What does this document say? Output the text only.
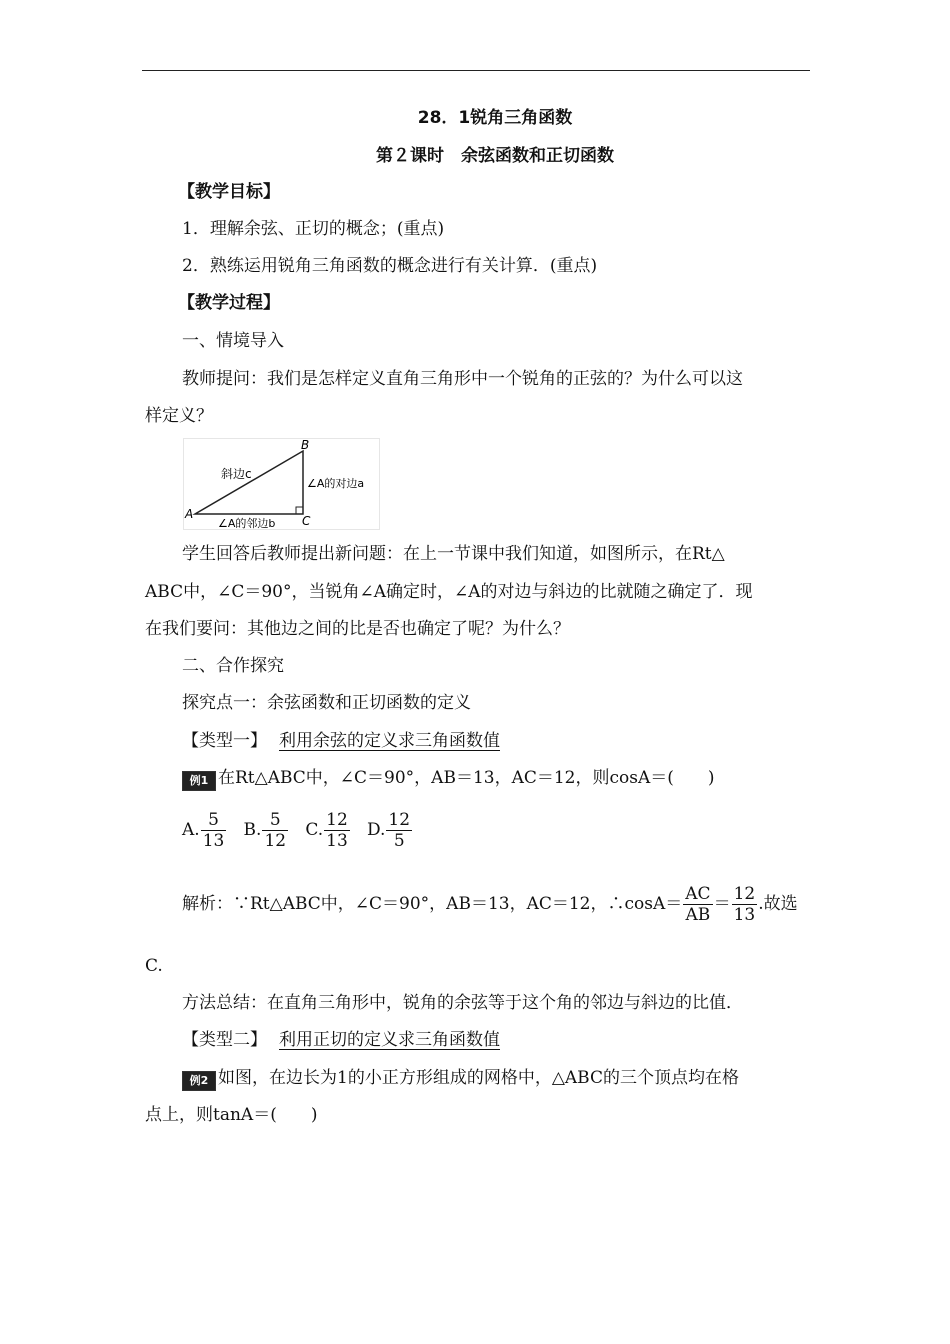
28．1锐角三角函数
第２课时　余弦函数和正切函数
【教学目标】
1．理解余弦、正切的概念；(重点)
2．熟练运用锐角三角函数的概念进行有关计算．(重点)
【教学过程】
一、情境导入
教师提问：我们是怎样定义直角三角形中一个锐角的正弦的？为什么可以这
样定义？
B
A	C
斜边c
∠A的对边a
∠A的邻边b
学生回答后教师提出新问题：在上一节课中我们知道，如图所示，在Rt△
ABC中，∠C＝90°，当锐角∠A确定时，∠A的对边与斜边的比就随之确定了．现
在我们要问：其他边之间的比是否也确定了呢？为什么？
二、合作探究
探究点一：余弦函数和正切函数的定义
【类型一】 利用余弦的定义求三角函数值
例1 在Rt△ABC中，∠C＝90°，AB＝13，AC＝12，则cosA＝(　　)
A. $\frac{5}{13} B$. $\frac{5}{12} C$. $\frac{12}{13} D$. $\frac{12}{5}$
解析：∵Rt△ABC中，∠C＝90°，AB＝13，AC＝12，∴cosA＝ $\frac{AC}{AB} = \frac{12}{13}$ .故选
C.
方法总结：在直角三角形中，锐角的余弦等于这个角的邻边与斜边的比值．
【类型二】 利用正切的定义求三角函数值
例2 如图，在边长为1的小正方形组成的网格中，△ABC的三个顶点均在格
点上，则tanA＝(　　)
